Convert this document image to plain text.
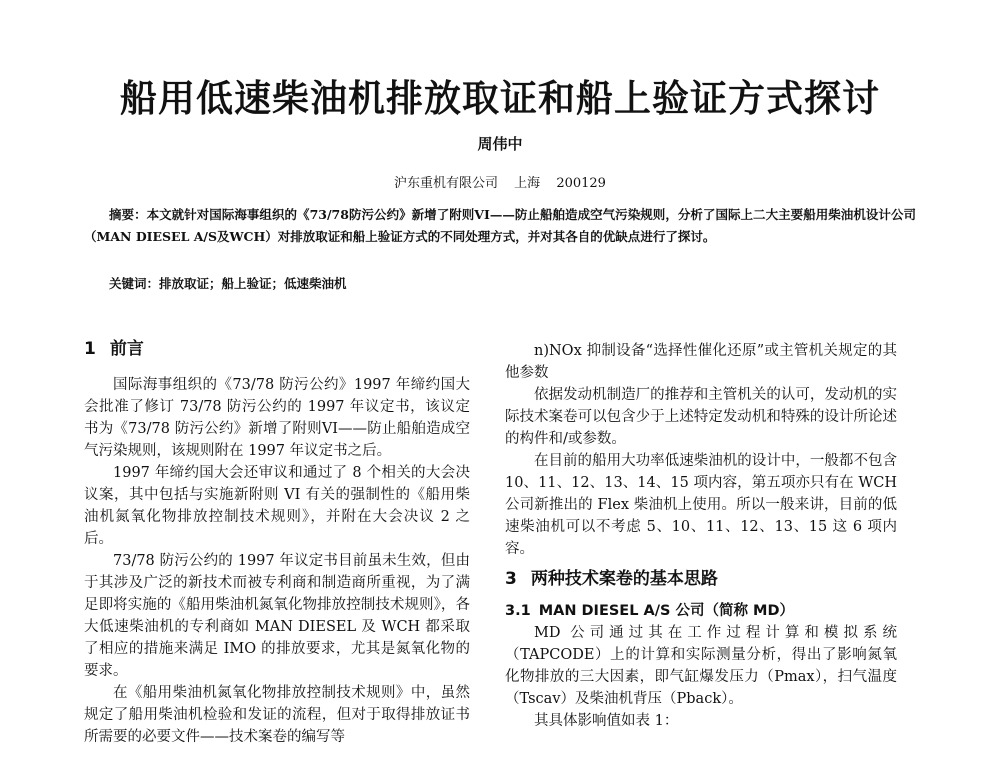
船用低速柴油机排放取证和船上验证方式探讨
周伟中
沪东重机有限公司 上海 200129

摘要：本文就针对国际海事组织的《73/78防污公约》新增了附则VI——防止船舶造成空气污染规则，分析了国际上二大主要船用柴油机设计公司（MAN DIESEL A/S及WCH）对排放取证和船上验证方式的不同处理方式，并对其各自的优缺点进行了探讨。

关键词：排放取证；船上验证；低速柴油机
1 前言

国际海事组织的《73/78 防污公约》1997 年缔约国大会批准了修订 73/78 防污公约的 1997 年议定书，该议定书为《73/78 防污公约》新增了附则VI——防止船舶造成空气污染规则，该规则附在 1997 年议定书之后。

1997 年缔约国大会还审议和通过了 8 个相关的大会决议案，其中包括与实施新附则 VI 有关的强制性的《船用柴油机氮氧化物排放控制技术规则》，并附在大会决议 2 之后。

73/78 防污公约的 1997 年议定书目前虽未生效，但由于其涉及广泛的新技术而被专利商和制造商所重视，为了满足即将实施的《船用柴油机氮氧化物排放控制技术规则》，各大低速柴油机的专利商如 MAN DIESEL 及 WCH 都采取了相应的措施来满足 IMO 的排放要求，尤其是氮氧化物的要求。

在《船用柴油机氮氧化物排放控制技术规则》中，虽然规定了船用柴油机检验和发证的流程，但对于取得排放证书所需要的必要文件——技术案卷的编写等

n)NOx 抑制设备“选择性催化还原”或主管机关规定的其他参数

依据发动机制造厂的推荐和主管机关的认可，发动机的实际技术案卷可以包含少于上述特定发动机和特殊的设计所论述的构件和/或参数。

在目前的船用大功率低速柴油机的设计中，一般都不包含 10、11、12、13、14、15 项内容，第五项亦只有在 WCH 公司新推出的 Flex 柴油机上使用。所以一般来讲，目前的低速柴油机可以不考虑 5、10、11、12、13、15 这 6 项内容。

3 两种技术案卷的基本思路
3.1 MAN DIESEL A/S 公司（简称 MD）

MD 公司通过其在工作过程计算和模拟系统（TAPCODE）上的计算和实际测量分析，得出了影响氮氧化物排放的三大因素，即气缸爆发压力（Pmax），扫气温度（Tscav）及柴油机背压（Pback）。

其具体影响值如表 1：
